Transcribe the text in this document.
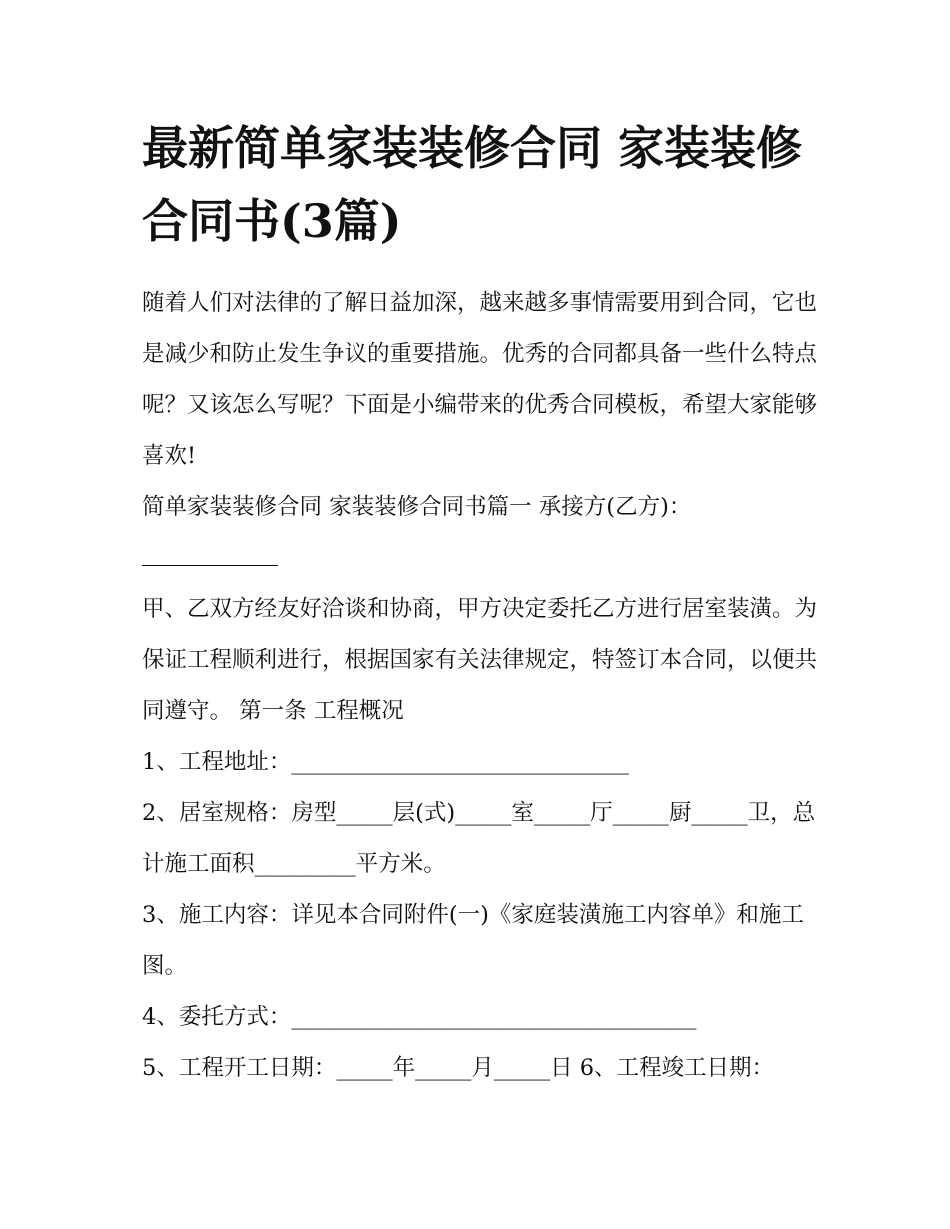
最新简单家装装修合同 家装装修合同书(3篇)

随着人们对法律的了解日益加深，越来越多事情需要用到合同，它也是减少和防止发生争议的重要措施。优秀的合同都具备一些什么特点呢？又该怎么写呢？下面是小编带来的优秀合同模板，希望大家能够喜欢!

简单家装装修合同 家装装修合同书篇一 承接方(乙方)：

甲、乙双方经友好洽谈和协商，甲方决定委托乙方进行居室装潢。为保证工程顺利进行，根据国家有关法律规定，特签订本合同，以便共同遵守。 第一条 工程概况

1、工程地址：______________________________

2、居室规格：房型_____层(式)_____室_____厅_____厨_____卫，总计施工面积_________平方米。

3、施工内容：详见本合同附件(一)《家庭装潢施工内容单》和施工图。

4、委托方式：____________________________________

5、工程开工日期：_____年_____月_____日 6、工程竣工日期：
